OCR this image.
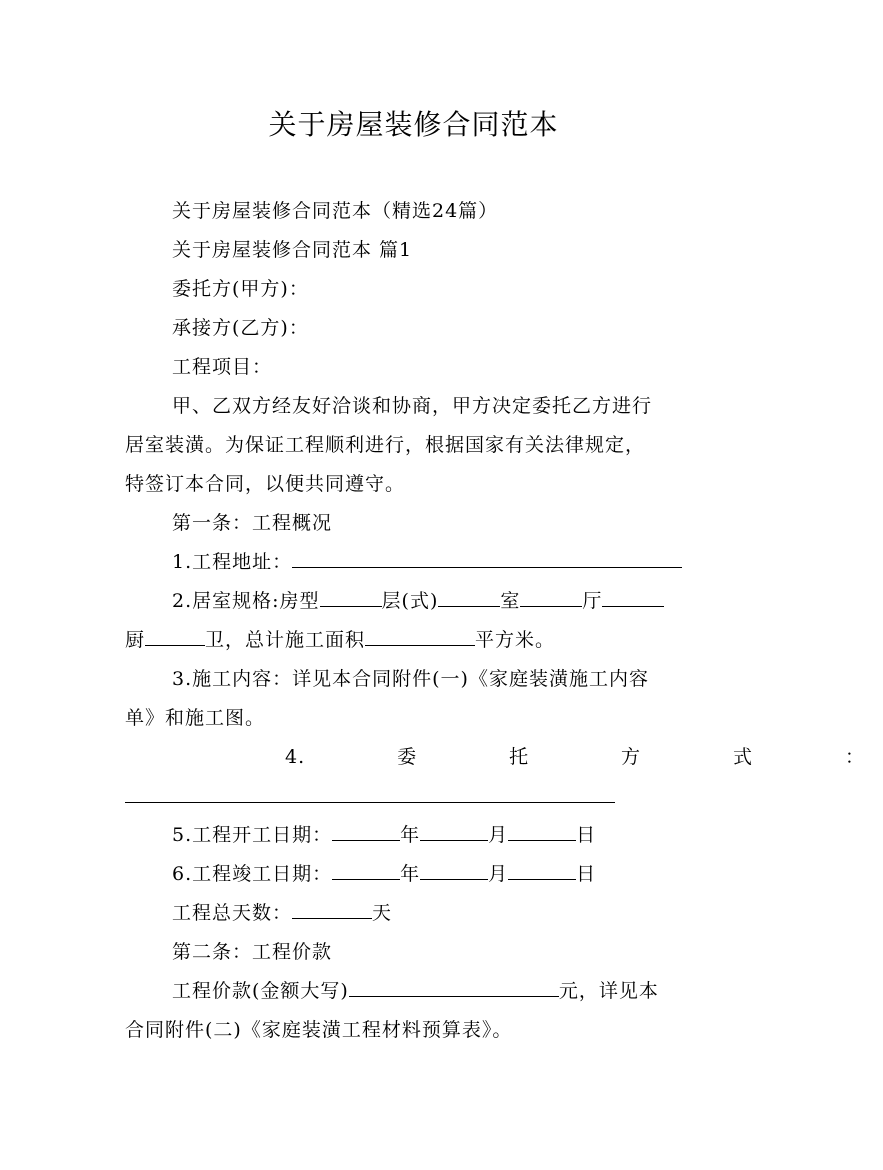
关于房屋装修合同范本
关于房屋装修合同范本（精选24篇）
关于房屋装修合同范本 篇1
委托方(甲方)：
承接方(乙方)：
工程项目：
甲、乙双方经友好洽谈和协商，甲方决定委托乙方进行
居室装潢。为保证工程顺利进行，根据国家有关法律规定，
特签订本合同，以便共同遵守。
第一条：工程概况
1.工程地址：
2.居室规格:房型	层(式)	室	厅
厨	卫，总计施工面积	平方米。
3.施工内容：详见本合同附件(一)《家庭装潢施工内容
单》和施工图。
4.	委	托	方	式	：
5.工程开工日期：	年	月	日
6.工程竣工日期：	年	月	日
工程总天数：	天
第二条：工程价款
工程价款(金额大写)	元，详见本
合同附件(二)《家庭装潢工程材料预算表》。
